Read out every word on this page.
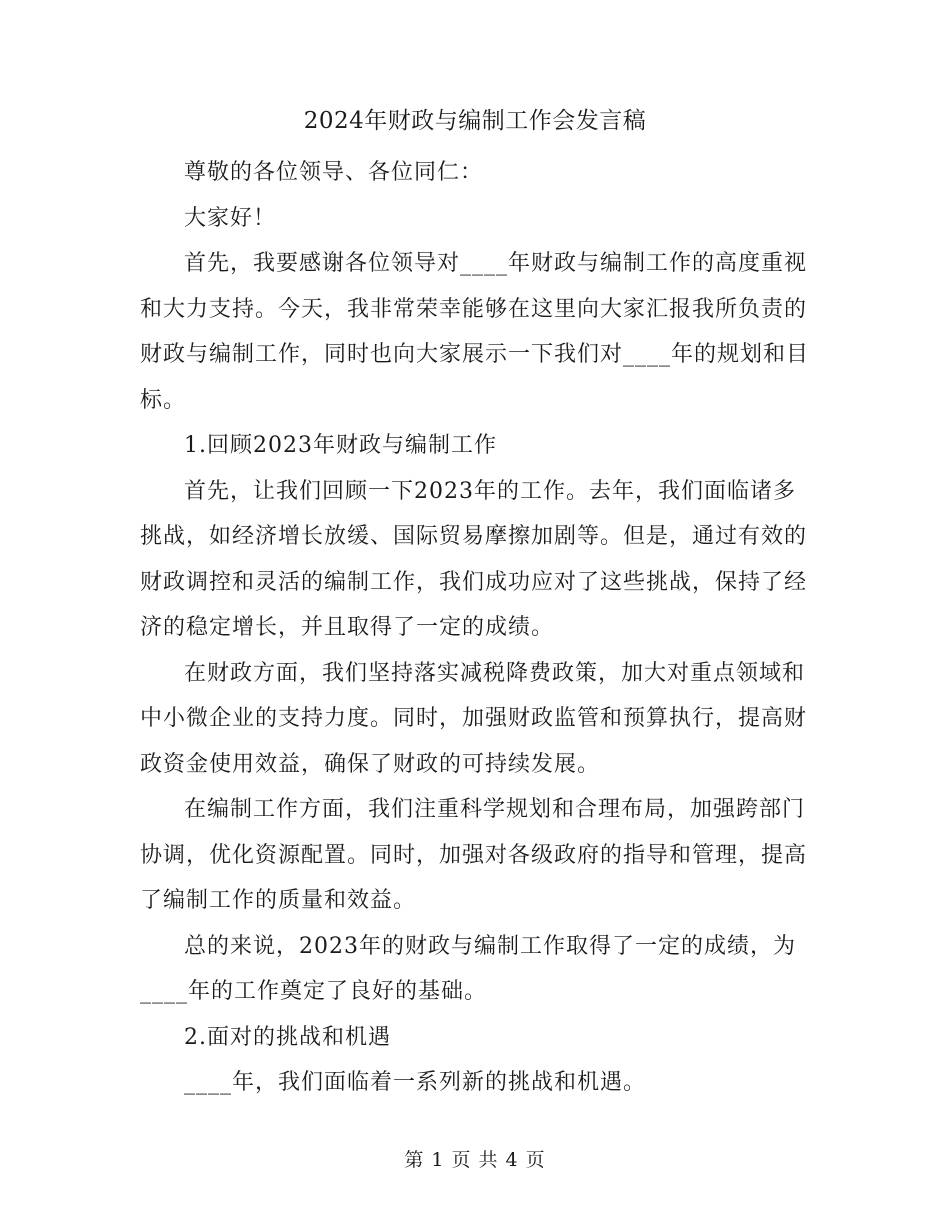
2024年财政与编制工作会发言稿

尊敬的各位领导、各位同仁：

大家好！

首先，我要感谢各位领导对____年财政与编制工作的高度重视和大力支持。今天，我非常荣幸能够在这里向大家汇报我所负责的财政与编制工作，同时也向大家展示一下我们对____年的规划和目标。

1.回顾2023年财政与编制工作

首先，让我们回顾一下2023年的工作。去年，我们面临诸多挑战，如经济增长放缓、国际贸易摩擦加剧等。但是，通过有效的财政调控和灵活的编制工作，我们成功应对了这些挑战，保持了经济的稳定增长，并且取得了一定的成绩。

在财政方面，我们坚持落实减税降费政策，加大对重点领域和中小微企业的支持力度。同时，加强财政监管和预算执行，提高财政资金使用效益，确保了财政的可持续发展。

在编制工作方面，我们注重科学规划和合理布局，加强跨部门协调，优化资源配置。同时，加强对各级政府的指导和管理，提高了编制工作的质量和效益。

总的来说，2023年的财政与编制工作取得了一定的成绩，为____年的工作奠定了良好的基础。

2.面对的挑战和机遇

____年，我们面临着一系列新的挑战和机遇。

第 1 页 共 4 页
